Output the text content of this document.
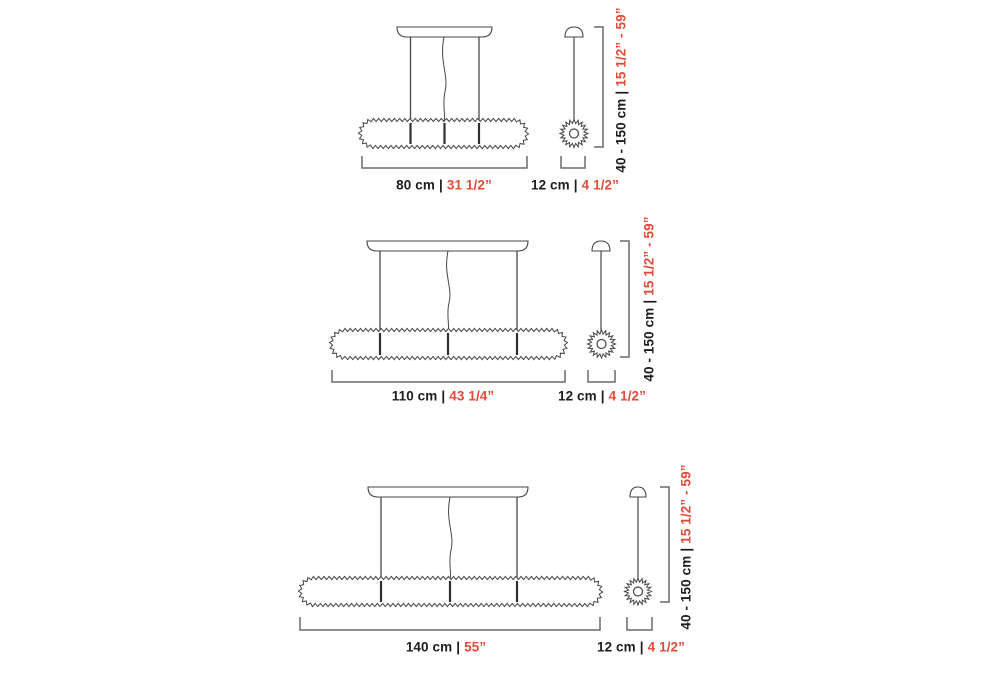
80 cm | 31 1/2”	12 cm | 4 1/2”
40 - 150 cm|15 1/2” - 59”
110 cm | 43 1/4”	12 cm | 4 1/2”
40 - 150 cm|15 1/2” - 59”
140 cm | 55”	12 cm | 4 1/2”
40 - 150 cm|15 1/2” - 59”
